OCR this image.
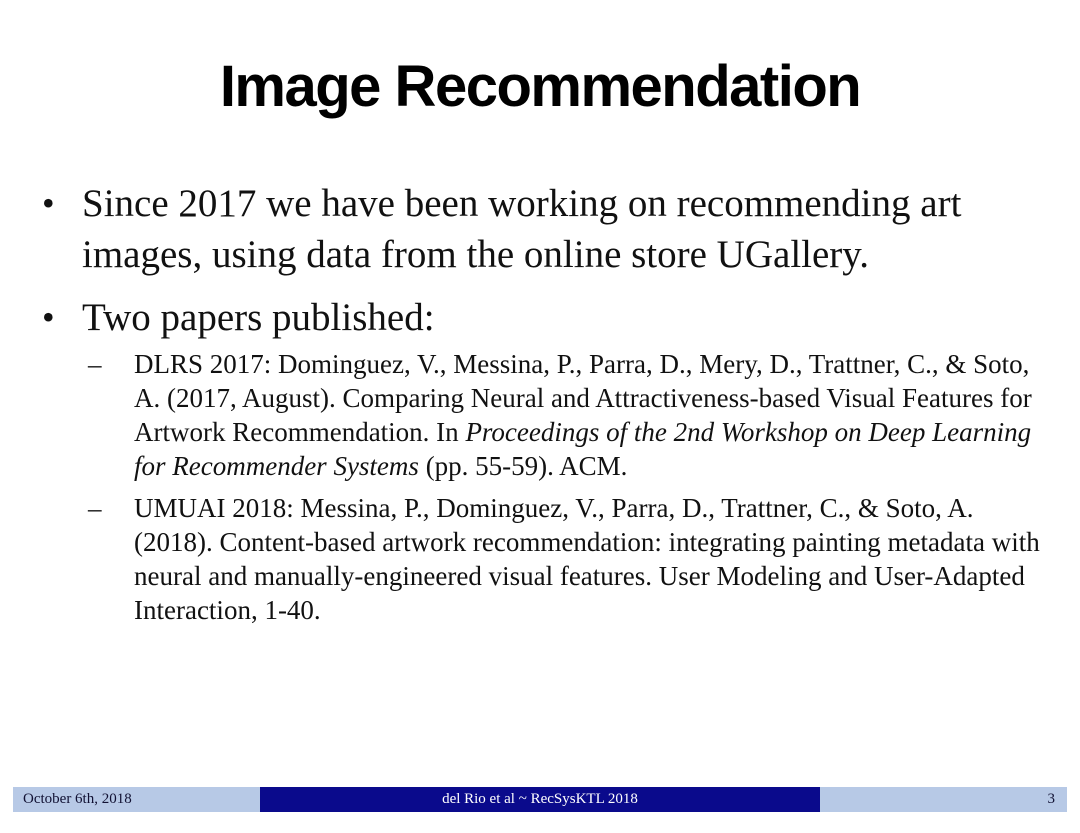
Image Recommendation
• Since 2017 we have been working on recommending art images, using data from the online store UGallery.
• Two papers published:
– DLRS 2017: Dominguez, V., Messina, P., Parra, D., Mery, D., Trattner, C., & Soto, A. (2017, August). Comparing Neural and Attractiveness-based Visual Features for Artwork Recommendation. In Proceedings of the 2nd Workshop on Deep Learning for Recommender Systems (pp. 55-59). ACM.
– UMUAI 2018: Messina, P., Dominguez, V., Parra, D., Trattner, C., & Soto, A. (2018). Content-based artwork recommendation: integrating painting metadata with neural and manually-engineered visual features. User Modeling and User-Adapted Interaction, 1-40.
October 6th, 2018	del Rio et al ~ RecSysKTL 2018	3
